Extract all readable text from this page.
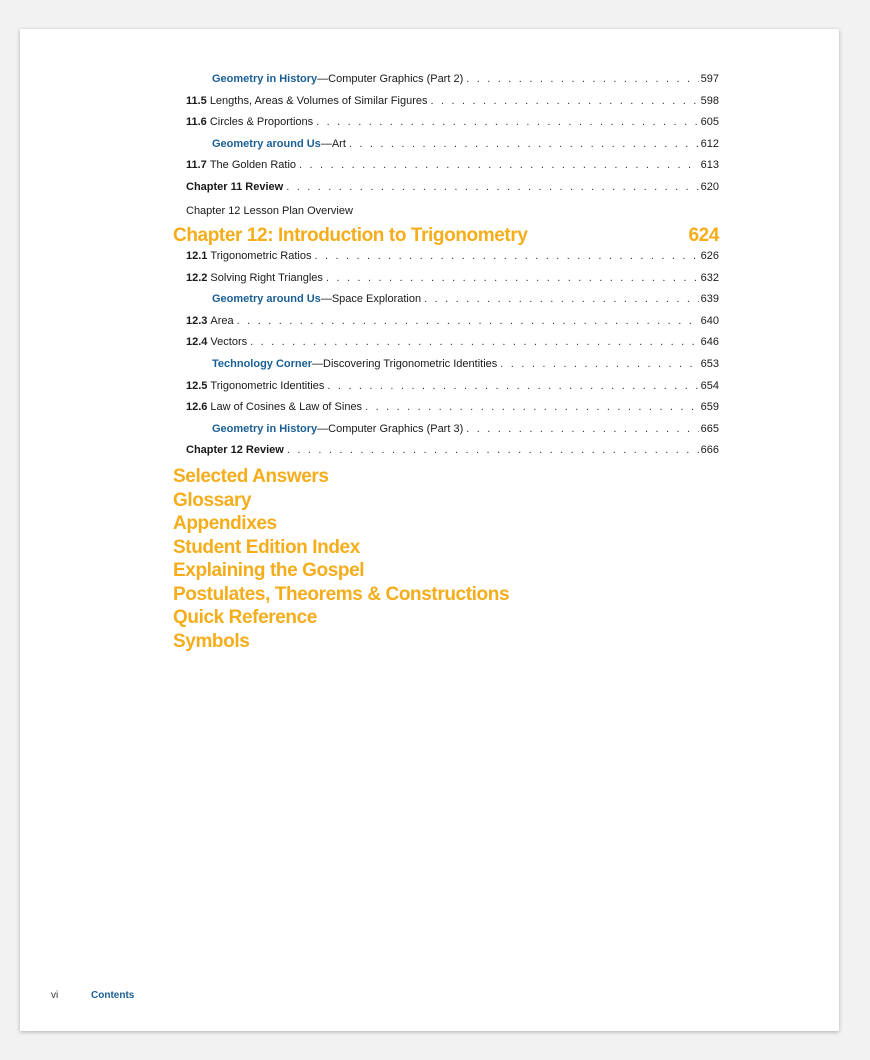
Chapter 12 Lesson Plan Overview
Chapter 12: Introduction to Trigonometry	624
Selected Answers
Glossary
Appendixes
Student Edition Index
Explaining the Gospel
Postulates, Theorems & Constructions
Quick Reference
Symbols
Geometry in History —Computer Graphics (Part 2) . . .	597
11.5 Lengths, Areas & Volumes of Similar Figures . . .	598
11.6 Circles & Proportions . . .	605
Geometry around Us —Art . . .	612
11.7 The Golden Ratio . . .	613
Chapter 11 Review . . .	620
12.1 Trigonometric Ratios . . .	626
12.2 Solving Right Triangles . . .	632
Geometry around Us —Space Exploration . . .	639
12.3 Area . . .	640
12.4 Vectors . . .	646
Technology Corner —Discovering Trigonometric Identities . . .	653
12.5 Trigonometric Identities . . .	654
12.6 Law of Cosines & Law of Sines . . .	659
Geometry in History —Computer Graphics (Part 3) . . .	665
Chapter 12 Review . . .	666
vi	Contents
